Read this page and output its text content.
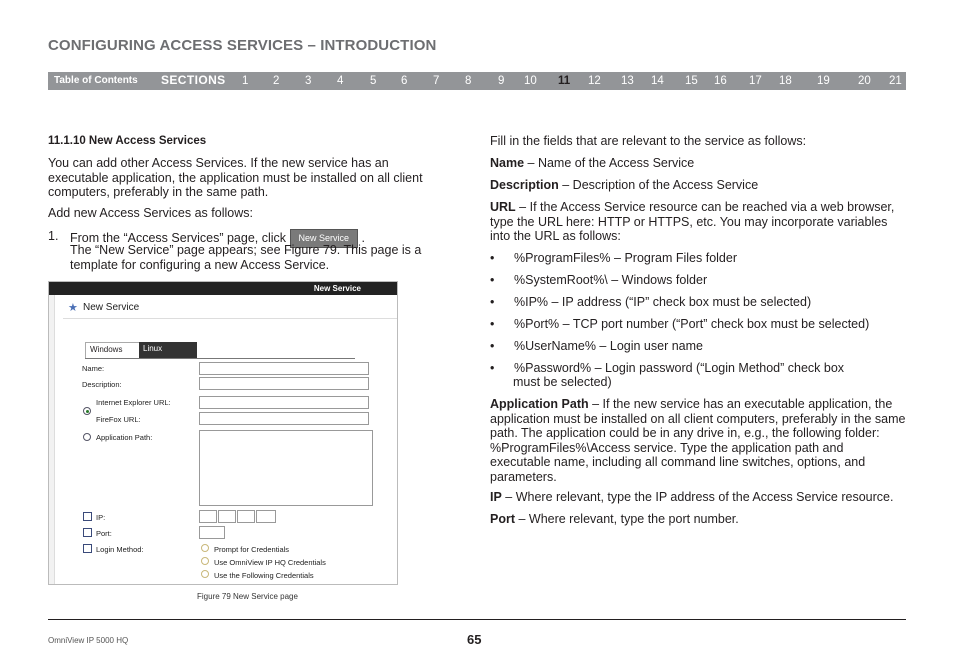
CONFIGURING ACCESS SERVICES – INTRODUCTION
Table of Contents SECTIONS 1 2 3 4 5 6 7 8 9 10 11 12 13 14 15 16 17 18 19 20 21
11.1.10 New Access Services
You can add other Access Services. If the new service has an executable application, the application must be installed on all client computers, preferably in the same path.
Add new Access Services as follows:
1. From the “Access Services” page, click New Service .
The “New Service” page appears; see Figure 79. This page is a template for configuring a new Access Service.
New Service
★ New Service
Windows	Linux
Name:
Description:
Internet Explorer URL:
FireFox URL:
Application Path:
IP:
Port:
Login Method:	Prompt for Credentials
Use OmniView IP HQ Credentials
Use the Following Credentials
Figure 79 New Service page
Fill in the fields that are relevant to the service as follows:
Name – Name of the Access Service
Description – Description of the Access Service
URL – If the Access Service resource can be reached via a web browser, type the URL here: HTTP or HTTPS, etc. You may incorporate variables into the URL as follows:
• %ProgramFiles% – Program Files folder
• %SystemRoot%\ – Windows folder
• %IP% – IP address (“IP” check box must be selected)
• %Port% – TCP port number (“Port” check box must be selected)
• %UserName% – Login user name
• %Password% – Login password (“Login Method” check box
must be selected)
Application Path – If the new service has an executable application, the application must be installed on all client computers, preferably in the same path. The application could be in any drive in, e.g., the following folder: %ProgramFiles%\Access service. Type the application path and executable name, including all command line switches, options, and parameters.
IP – Where relevant, type the IP address of the Access Service resource.
Port – Where relevant, type the port number.
OmniView IP 5000 HQ	65
